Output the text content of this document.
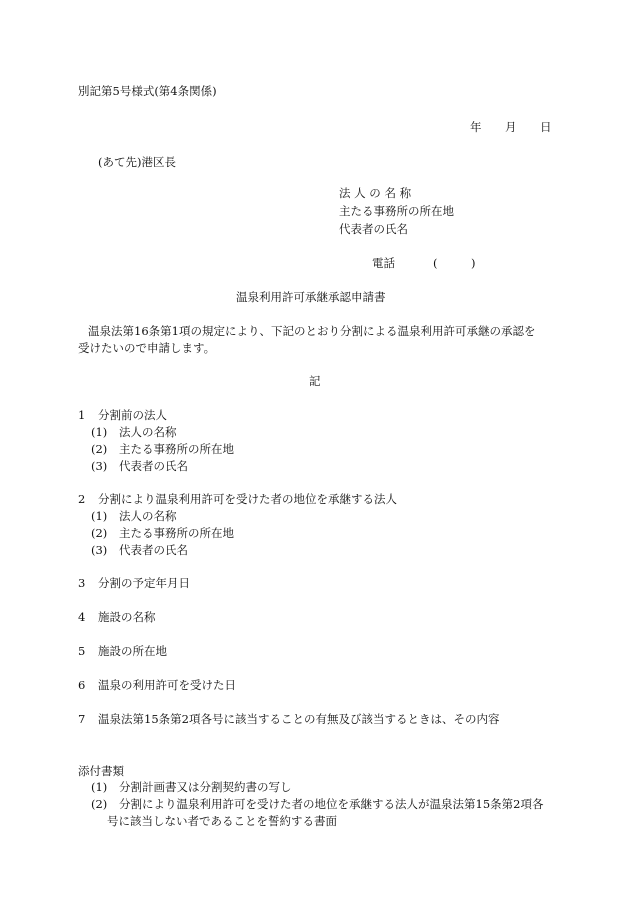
別記第5号様式(第4条関係)
年 月 日
(あて先)港区長
法 人 の 名 称
主たる事務所の所在地
代表者の氏名
電話	(	)
温泉利用許可承継承認申請書
温泉法第16条第1項の規定により、下記のとおり分割による温泉利用許可承継の承認を
受けたいので申請します。
記
1 分割前の法人
(1) 法人の名称
(2) 主たる事務所の所在地
(3) 代表者の氏名
2 分割により温泉利用許可を受けた者の地位を承継する法人
(1) 法人の名称
(2) 主たる事務所の所在地
(3) 代表者の氏名
3 分割の予定年月日
4 施設の名称
5 施設の所在地
6 温泉の利用許可を受けた日
7 温泉法第15条第2項各号に該当することの有無及び該当するときは、その内容
添付書類
(1) 分割計画書又は分割契約書の写し
(2) 分割により温泉利用許可を受けた者の地位を承継する法人が温泉法第15条第2項各
号に該当しない者であることを誓約する書面
